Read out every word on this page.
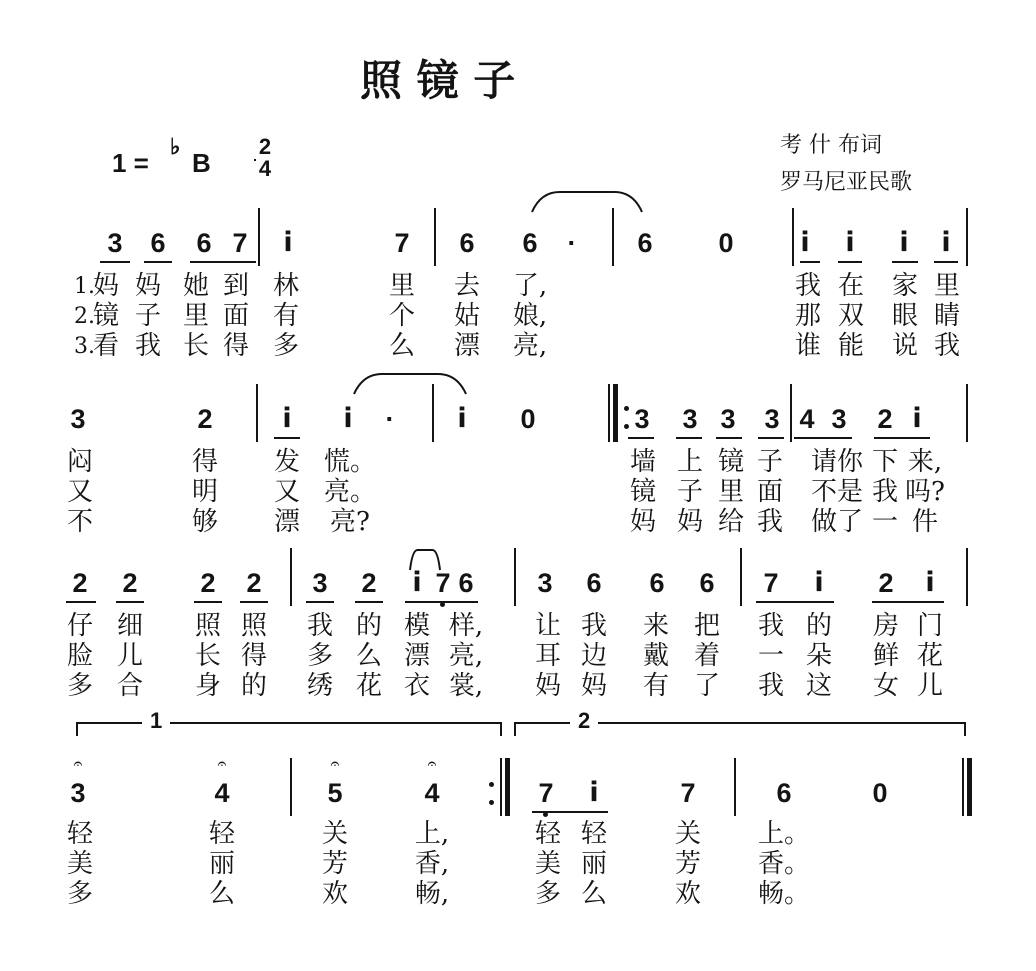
照 镜 子
考 什 布词
罗马尼亚民歌
1 =
♭
B
2
4
3 6 6 7 i	7 6 6 · 6 0 i i i i
妈 妈 她 到 林	里 去 了,	我 在 家 里
镜 子 里 面 有	个 姑 娘,	那 双 眼 睛
看 我 长 得 多	么 漂 亮,	谁 能 说 我
3	2	i i · i 0	3 3 3 3 4 3 2 i
闷	得 发 慌。	墙 上 镜 子 请你 下 来,
又	明 又 亮。	镜 子 里 面 不是 我 吗?
不	够 漂 亮?	妈 妈 给 我 做了 一 件
2 2 2 2 3 2 i 7 6 3 6 6 6 7 i 2 i
仔 细 照 照 我 的 模 样, 让 我 来 把 我 的 房 门
脸 儿 长 得 多 么 漂 亮, 耳 边 戴 着 一 朵 鲜 花
多 合 身 的 绣 花 衣 裳, 妈 妈 有 了 我 这 女 儿
3	4	5	4	7 i	7	6	0
轻	轻	关	上,	轻 轻	关 上。
美	丽	芳	香,	美 丽	芳 香。
多	么	欢	畅,	多 么	欢 畅。
1.
2.
3.
1	2
𝄐	𝄐	𝄐	𝄐
